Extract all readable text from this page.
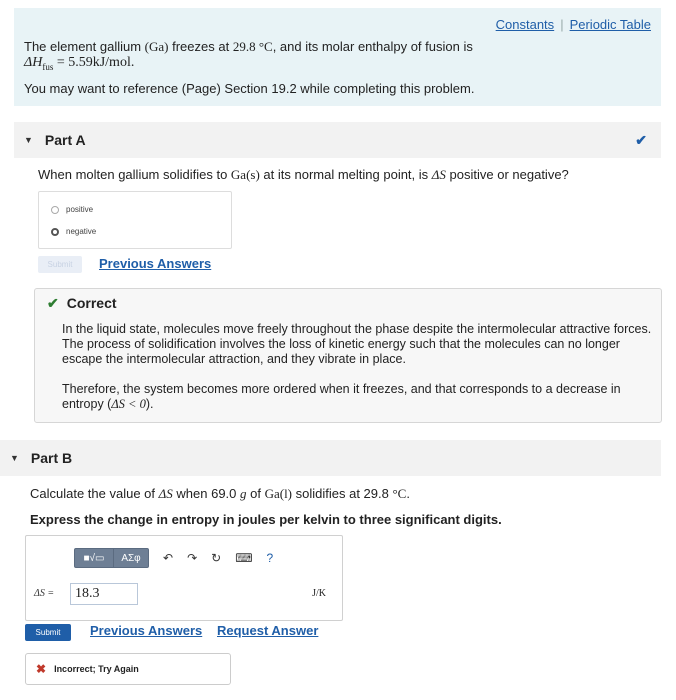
Constants | Periodic Table
The element gallium (Ga) freezes at 29.8 °C, and its molar enthalpy of fusion is
$\Delta H_{fus} = 5.59kJ/mol$.
You may want to reference (Page) Section 19.2 while completing this problem.
▼ Part A	✔
When molten gallium solidifies to Ga(s) at its normal melting point, is ΔS positive or negative?
positive
negative
Submit	Previous Answers
✔ Correct
In the liquid state, molecules move freely throughout the phase despite the intermolecular attractive forces. The process of solidification involves the loss of kinetic energy such that the molecules can no longer escape the intermolecular attraction, and they vibrate in place.
Therefore, the system becomes more ordered when it freezes, and that corresponds to a decrease in entropy (ΔS < 0).
▼ Part B
Calculate the value of ΔS when 69.0 g of Ga(l) solidifies at 29.8 °C.
Express the change in entropy in joules per kelvin to three significant digits.
■√▭	ΑΣφ	↶ ↷ ↻ ⌨ ?
ΔS =
18.3	J/K
Submit	Previous Answers Request Answer
✖ Incorrect; Try Again
